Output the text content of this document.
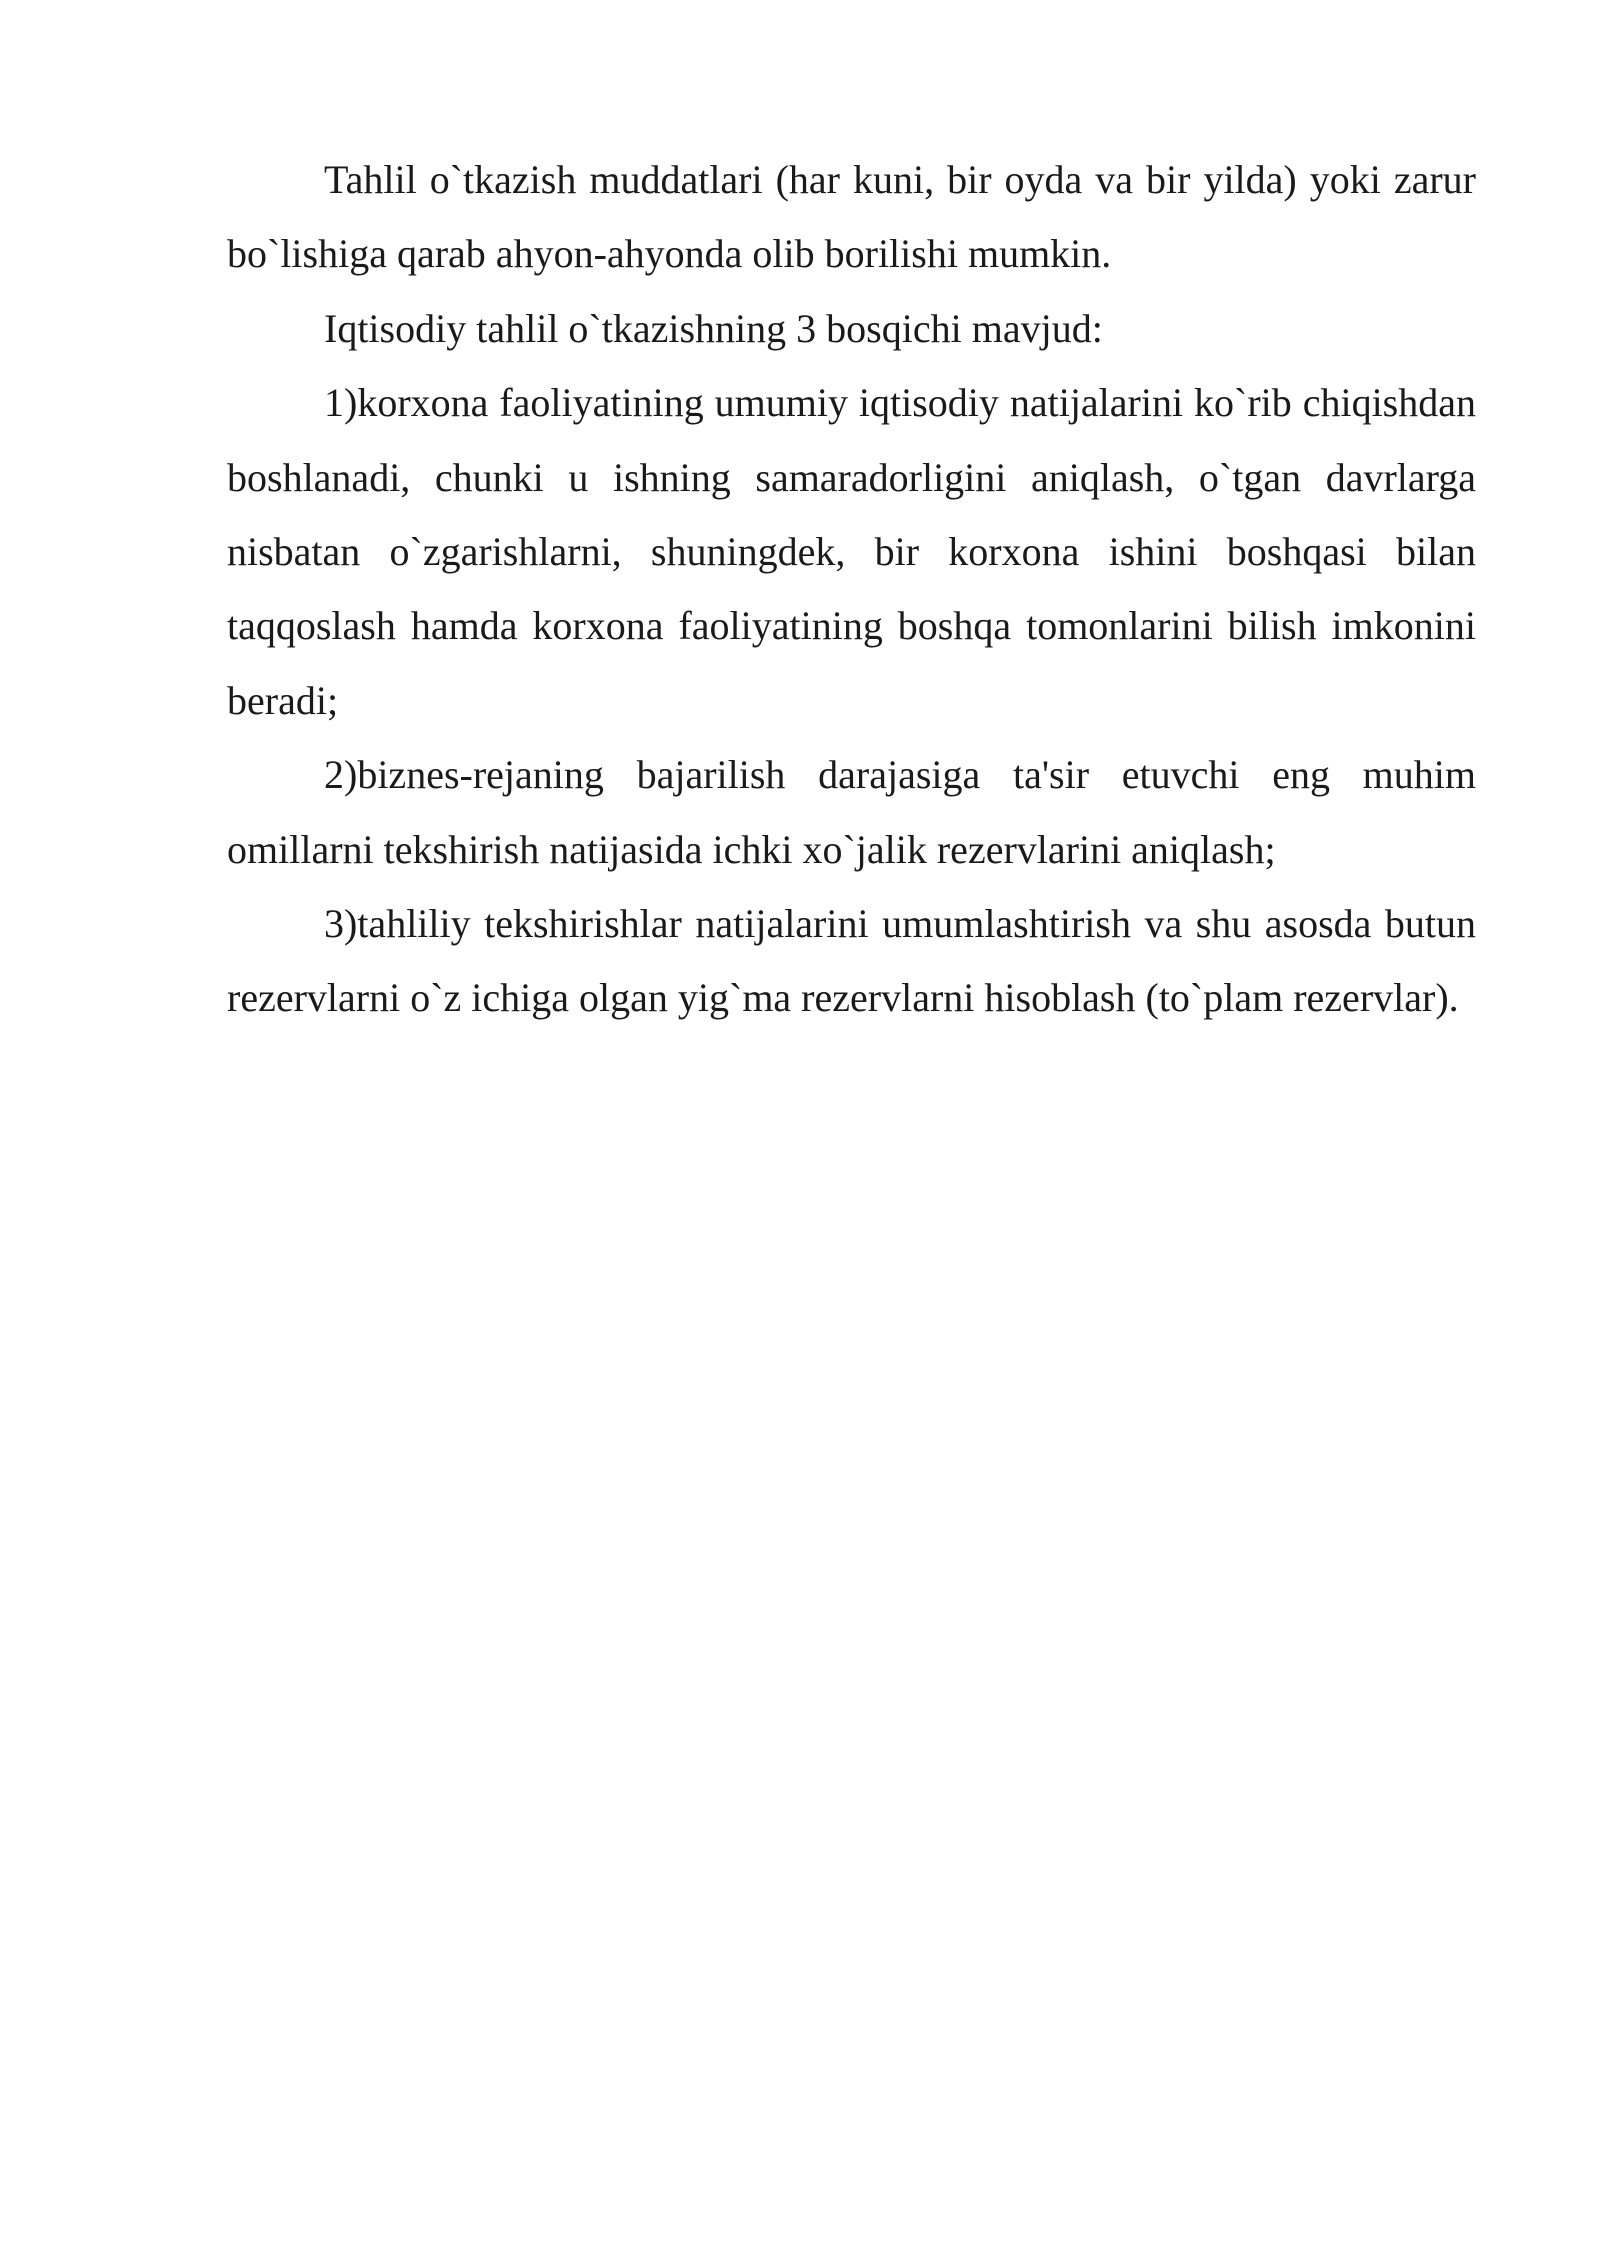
Tahlil o`tkazish muddatlari (har kuni, bir oyda va bir yilda) yoki zarur bo`lishiga qarab ahyon-ahyonda olib borilishi mumkin.

Iqtisodiy tahlil o`tkazishning 3 bosqichi mavjud:

1)korxona faoliyatining umumiy iqtisodiy natijalarini ko`rib chiqishdan boshlanadi, chunki u ishning samaradorligini aniqlash, o`tgan davrlarga nisbatan o`zgarishlarni, shuningdek, bir korxona ishini boshqasi bilan taqqoslash hamda korxona faoliyatining boshqa tomonlarini bilish imkonini beradi;

2)biznes-rejaning bajarilish darajasiga ta'sir etuvchi eng muhim omillarni tekshirish natijasida ichki xo`jalik rezervlarini aniqlash;

3)tahliliy tekshirishlar natijalarini umumlashtirish va shu asosda butun rezervlarni o`z ichiga olgan yig`ma rezervlarni hisoblash (to`plam rezervlar).
